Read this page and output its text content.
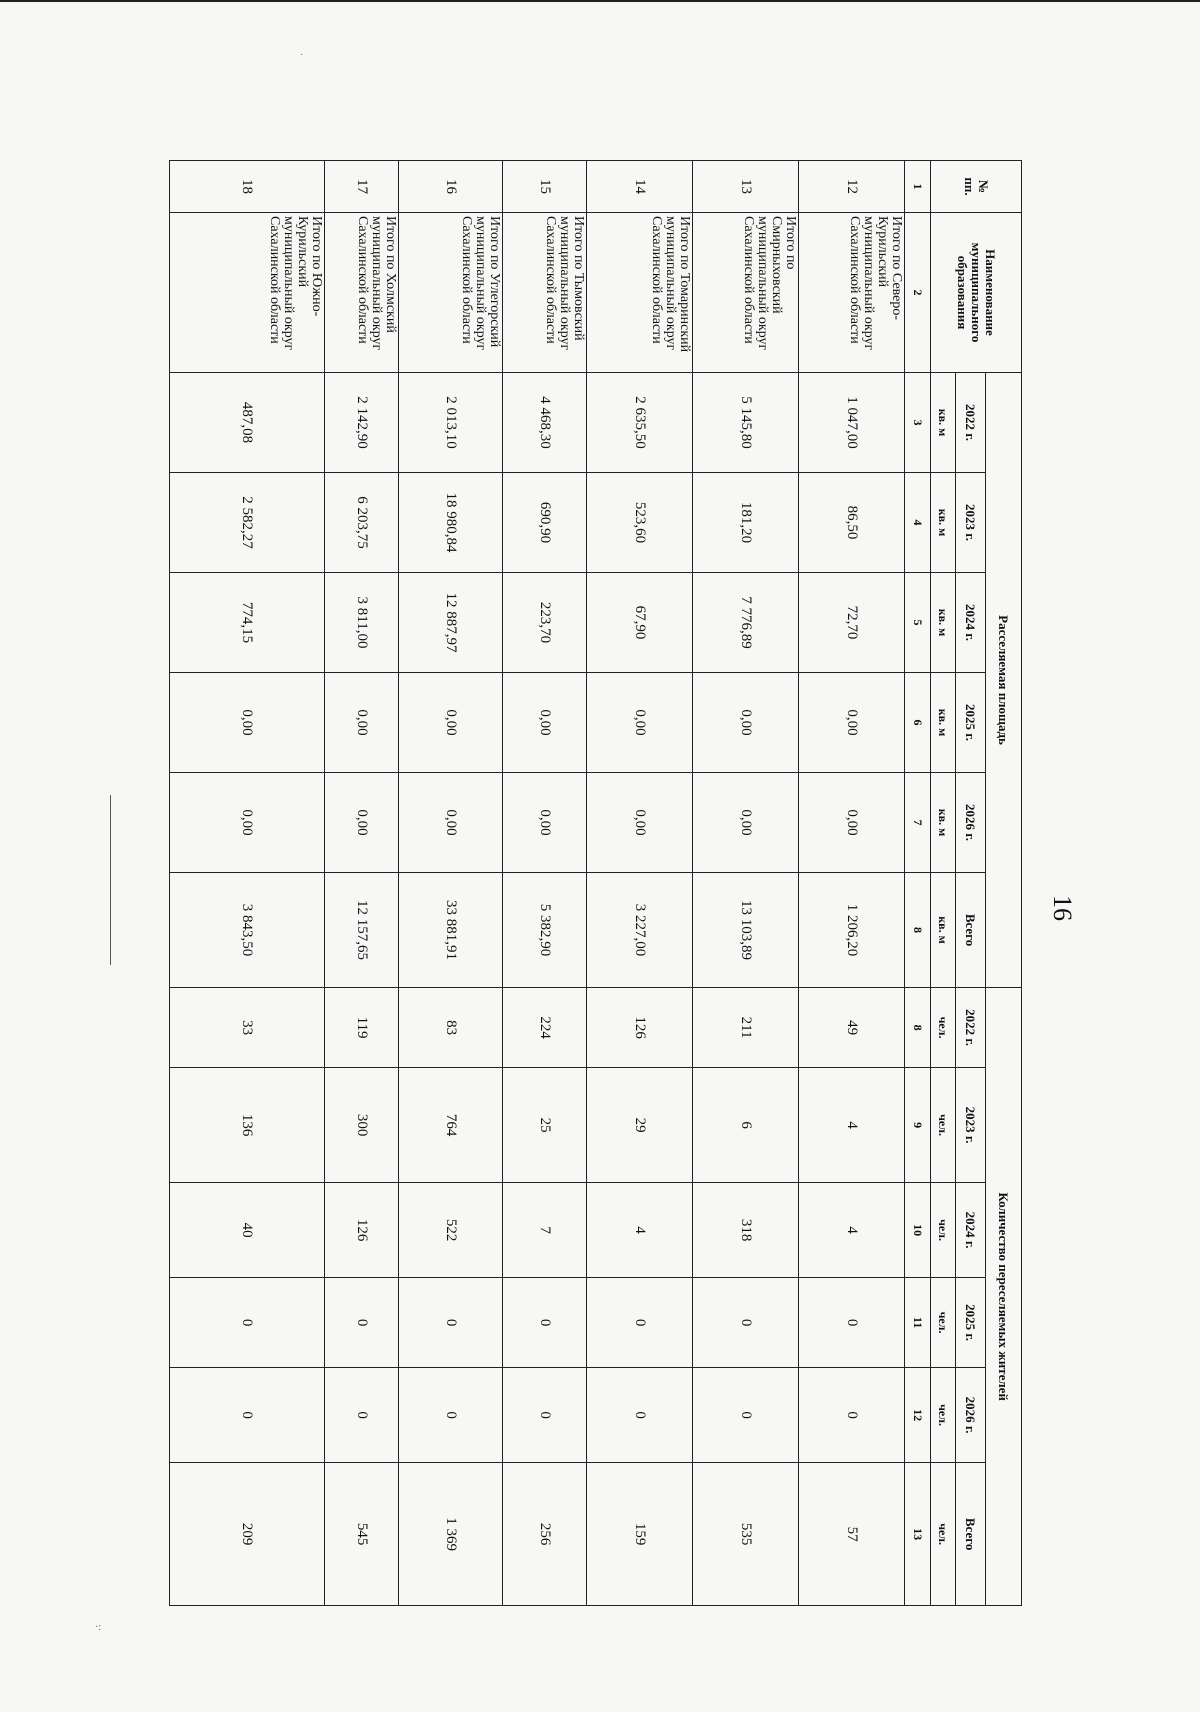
16
·:
·
№
пп.	Наименование муниципального образования	Расселяемая площадь						Количество переселяемых жителей					
		2022 г.	2023 г.	2024 г.	2025 г.	2026 г.	Всего	2022 г.	2023 г.	2024 г.	2025 г.	2026 г.	Всего
		кв. м	кв. м	кв. м	кв. м	кв. м	кв. м	чел.	чел.	чел.	чел.	чел.	чел.
1	2	3	4	5	6	7	8	8	9	10	11	12	13
12	Итого по Северо-Курильский муниципальный округ Сахалинской области	1 047,00	86,50	72,70	0,00	0,00	1 206,20	49	4	4	0	0	57
13	Итого по Смирныховский муниципальный округ Сахалинской области	5 145,80	181,20	7 776,89	0,00	0,00	13 103,89	211	6	318	0	0	535
14	Итого по Томаринский муниципальный округ Сахалинской области	2 635,50	523,60	67,90	0,00	0,00	3 227,00	126	29	4	0	0	159
15	Итого по Тымовский муниципальный округ Сахалинской области	4 468,30	690,90	223,70	0,00	0,00	5 382,90	224	25	7	0	0	256
16	Итого по Углегорский муниципальный округ Сахалинской области	2 013,10	18 980,84	12 887,97	0,00	0,00	33 881,91	83	764	522	0	0	1 369
17	Итого по Холмский муниципальный округ Сахалинской области	2 142,90	6 203,75	3 811,00	0,00	0,00	12 157,65	119	300	126	0	0	545
18	Итого по Южно-Курильский муниципальный округ Сахалинской области	487,08	2 582,27	774,15	0,00	0,00	3 843,50	33	136	40	0	0	209
